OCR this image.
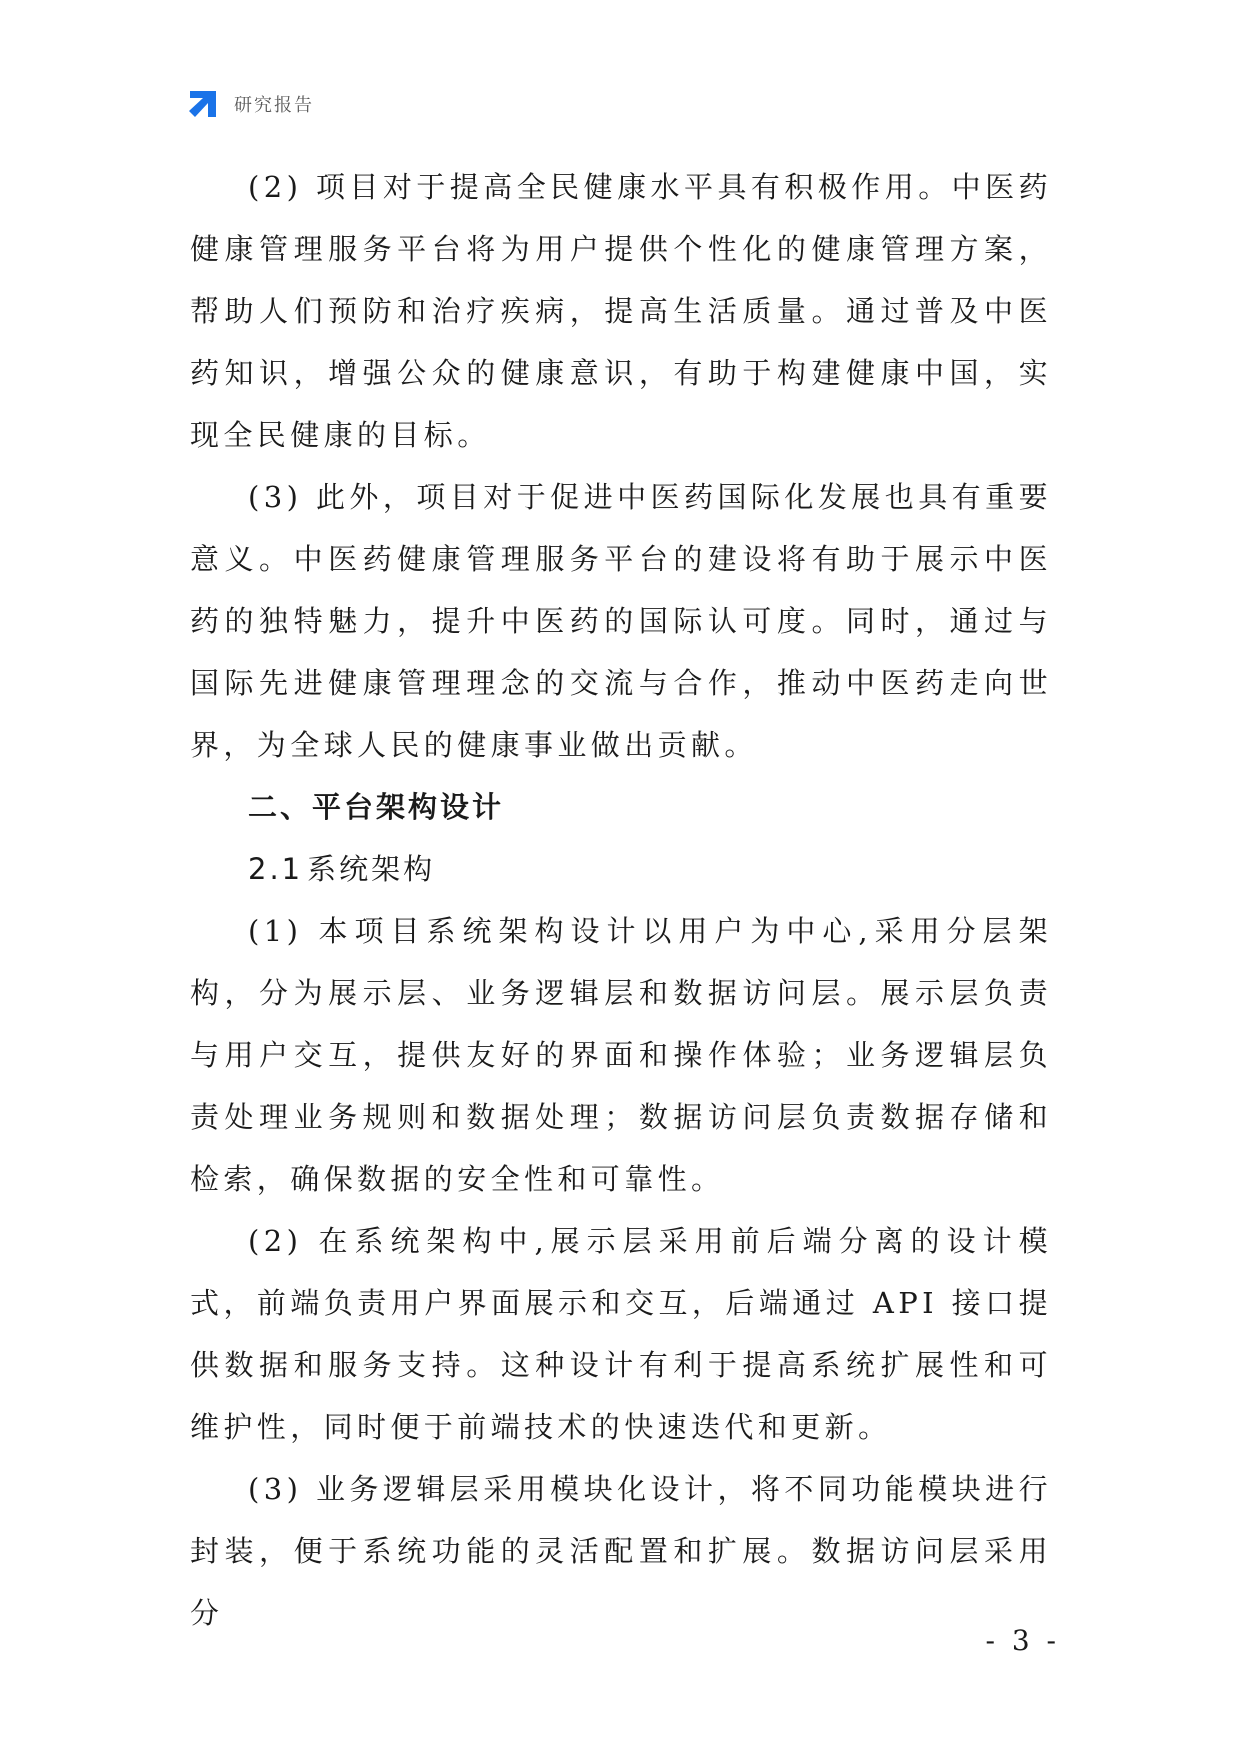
研究报告

(2) 项目对于提高全民健康水平具有积极作用。中医药健康管理服务平台将为用户提供个性化的健康管理方案，帮助人们预防和治疗疾病，提高生活质量。通过普及中医药知识，增强公众的健康意识，有助于构建健康中国，实现全民健康的目标。

(3) 此外，项目对于促进中医药国际化发展也具有重要意义。中医药健康管理服务平台的建设将有助于展示中医药的独特魅力，提升中医药的国际认可度。同时，通过与国际先进健康管理理念的交流与合作，推动中医药走向世界，为全球人民的健康事业做出贡献。

二、平台架构设计

2.1 系统架构

(1) 本项目系统架构设计以用户为中心,采用分层架构，分为展示层、业务逻辑层和数据访问层。展示层负责与用户交互，提供友好的界面和操作体验；业务逻辑层负责处理业务规则和数据处理；数据访问层负责数据存储和检索，确保数据的安全性和可靠性。

(2) 在系统架构中,展示层采用前后端分离的设计模式，前端负责用户界面展示和交互，后端通过 API 接口提供数据和服务支持。这种设计有利于提高系统扩展性和可维护性，同时便于前端技术的快速迭代和更新。

(3) 业务逻辑层采用模块化设计，将不同功能模块进行封装，便于系统功能的灵活配置和扩展。数据访问层采用分

- 3 -
